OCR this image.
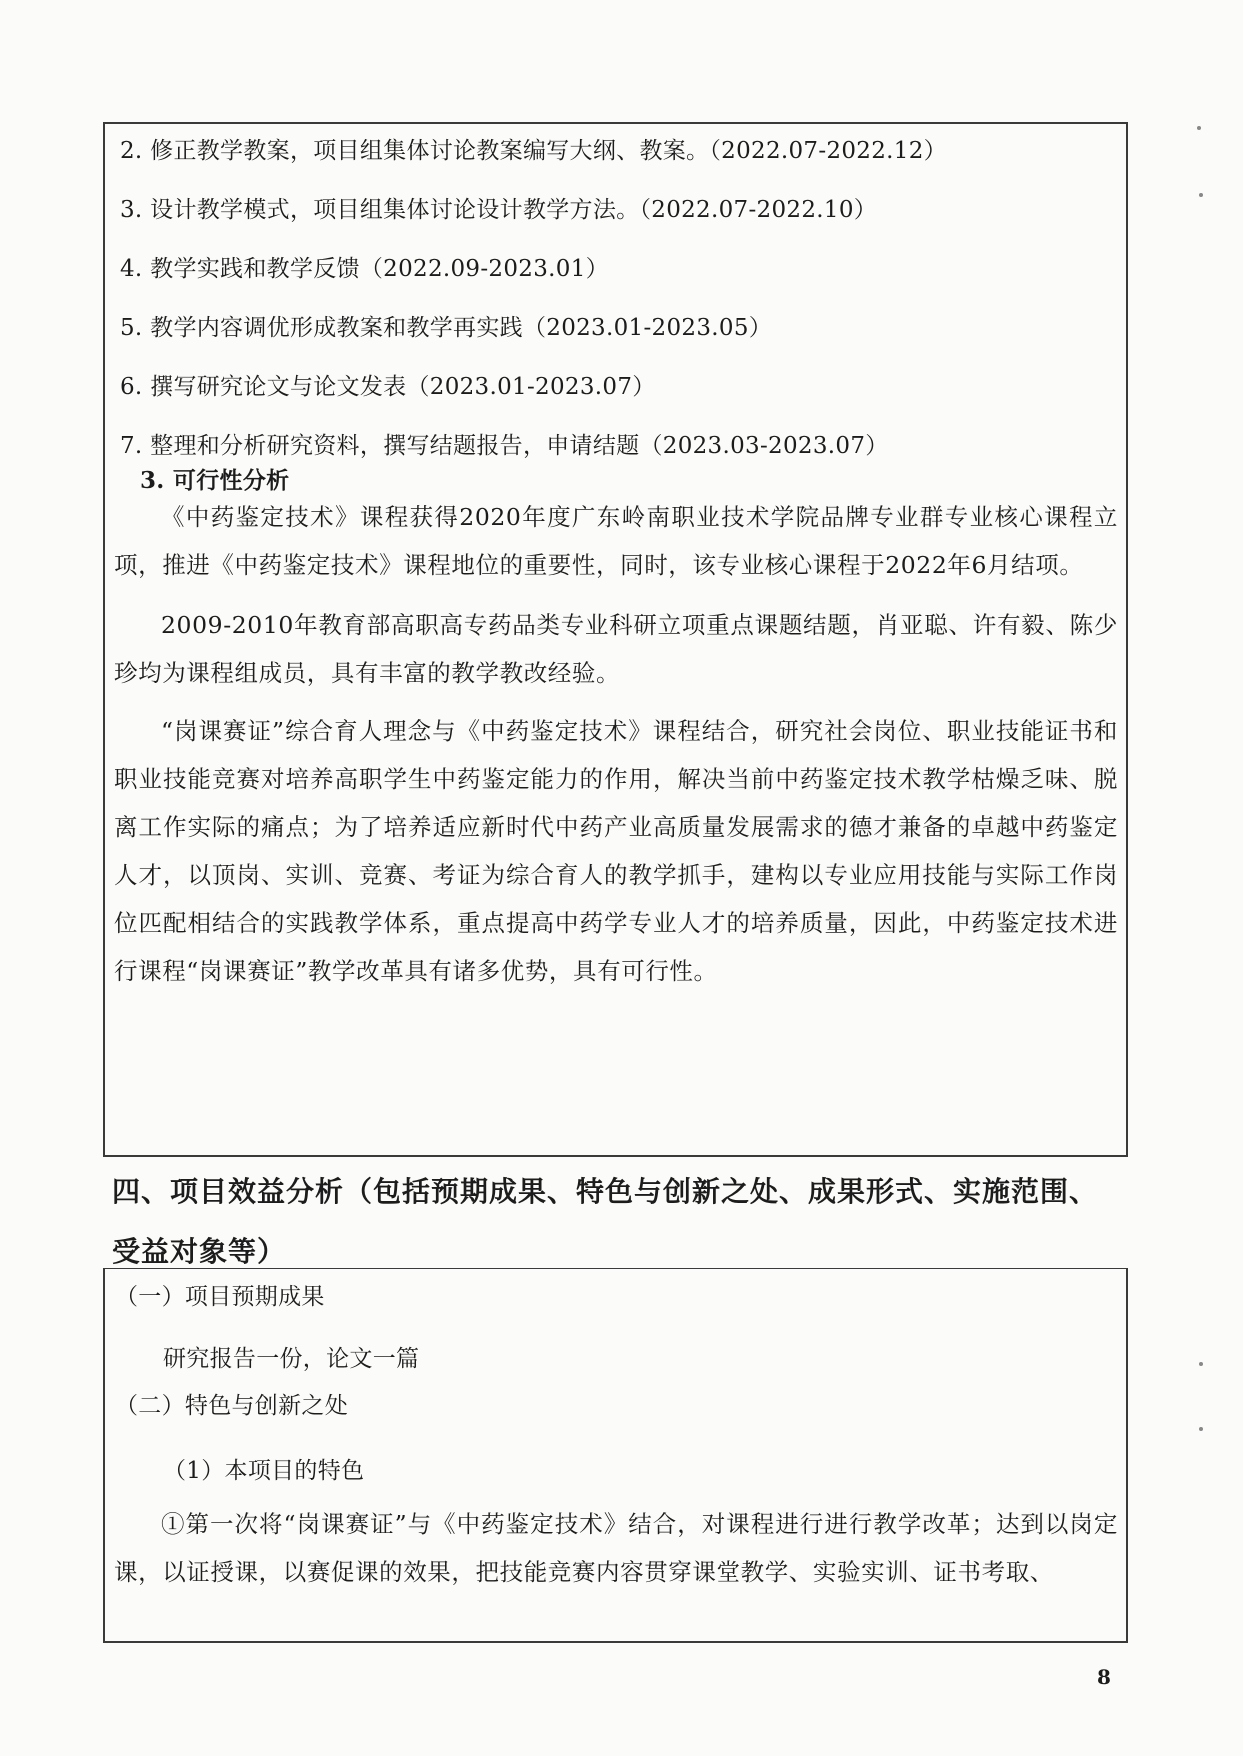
2. 修正教学教案，项目组集体讨论教案编写大纲、教案。（2022.07-2022.12）
3. 设计教学模式，项目组集体讨论设计教学方法。（2022.07-2022.10）
4. 教学实践和教学反馈（2022.09-2023.01）
5. 教学内容调优形成教案和教学再实践（2023.01-2023.05）
6. 撰写研究论文与论文发表（2023.01-2023.07）
7. 整理和分析研究资料，撰写结题报告，申请结题（2023.03-2023.07）
3. 可行性分析
《中药鉴定技术》课程获得2020年度广东岭南职业技术学院品牌专业群专业核心课程立项，推进《中药鉴定技术》课程地位的重要性，同时，该专业核心课程于2022年6月结项。
2009-2010年教育部高职高专药品类专业科研立项重点课题结题，肖亚聪、许有毅、陈少珍均为课程组成员，具有丰富的教学教改经验。
“岗课赛证”综合育人理念与《中药鉴定技术》课程结合，研究社会岗位、职业技能证书和职业技能竞赛对培养高职学生中药鉴定能力的作用，解决当前中药鉴定技术教学枯燥乏味、脱离工作实际的痛点；为了培养适应新时代中药产业高质量发展需求的德才兼备的卓越中药鉴定人才，以顶岗、实训、竞赛、考证为综合育人的教学抓手，建构以专业应用技能与实际工作岗位匹配相结合的实践教学体系，重点提高中药学专业人才的培养质量，因此，中药鉴定技术进行课程“岗课赛证”教学改革具有诸多优势，具有可行性。
四、项目效益分析（包括预期成果、特色与创新之处、成果形式、实施范围、
受益对象等）
（一）项目预期成果
研究报告一份，论文一篇
（二）特色与创新之处
（1）本项目的特色
①第一次将“岗课赛证”与《中药鉴定技术》结合，对课程进行进行教学改革；达到以岗定课，以证授课，以赛促课的效果，把技能竞赛内容贯穿课堂教学、实验实训、证书考取、
8
